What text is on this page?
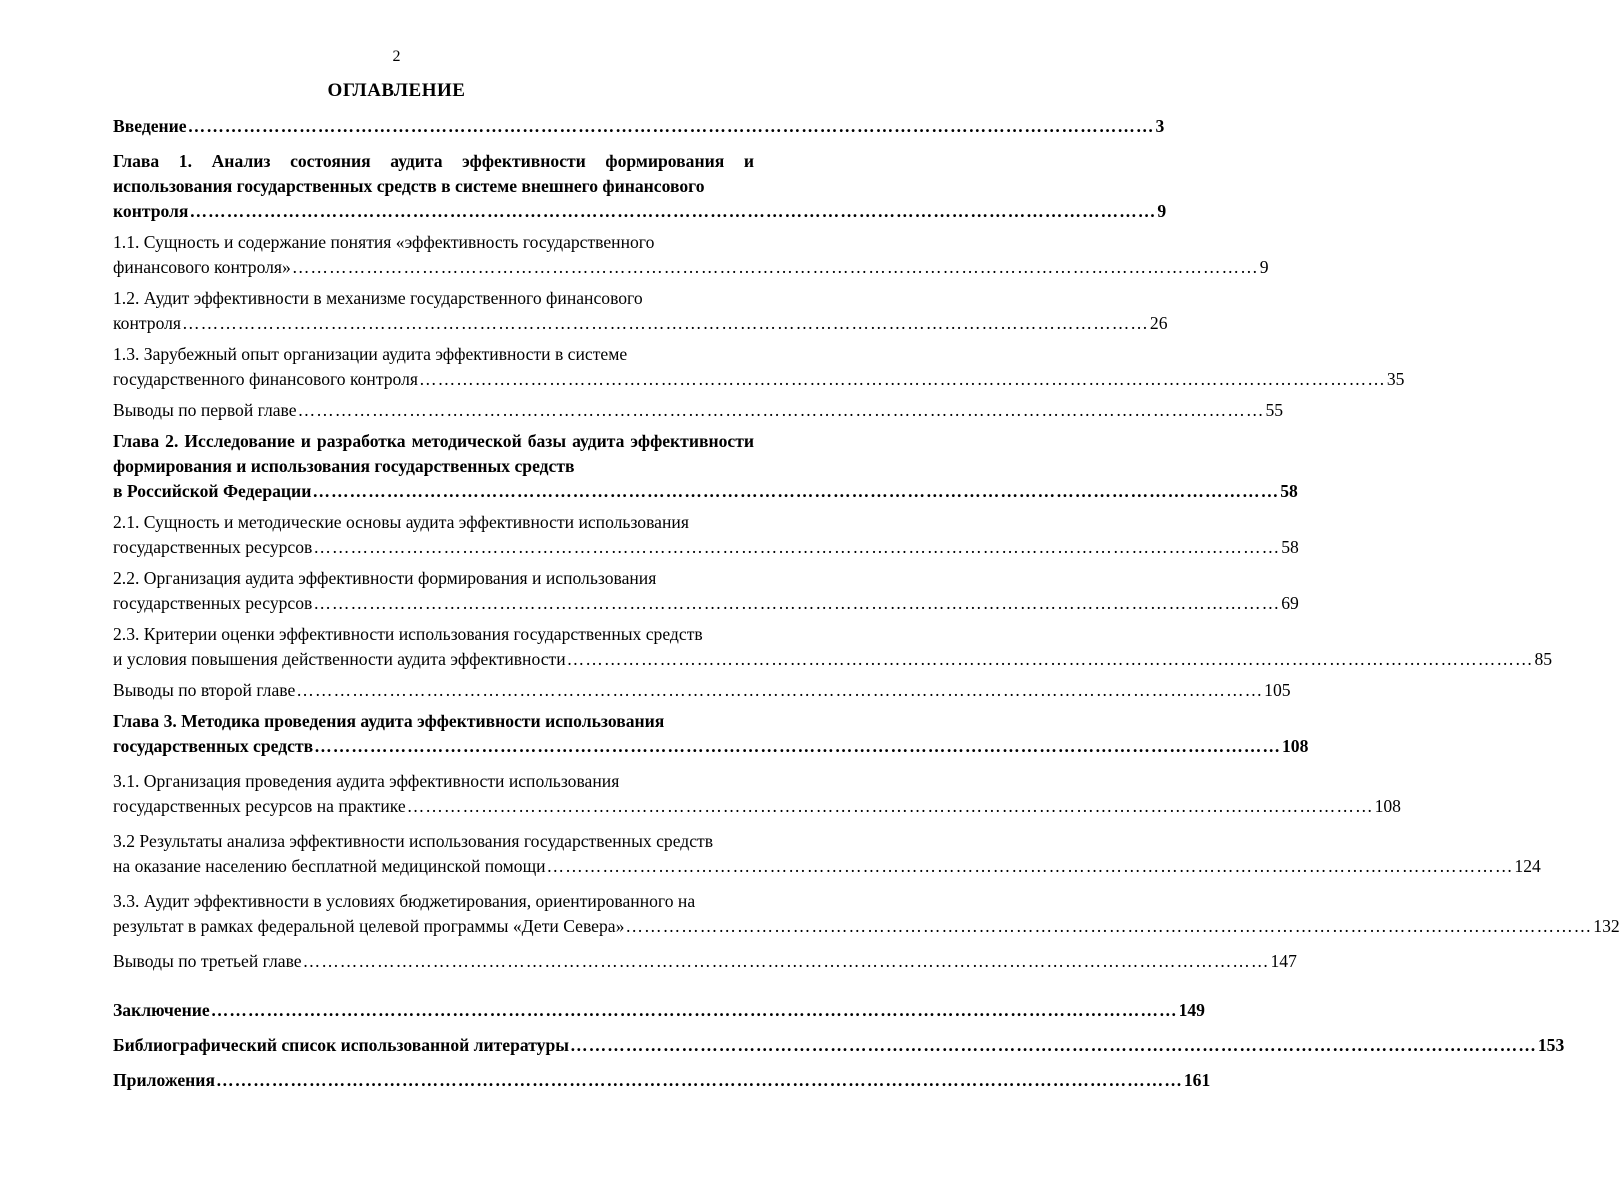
2
ОГЛАВЛЕНИЕ
Введение ………………………………………………………………………………………………………………………………………… 3
Глава 1. Анализ состояния аудита эффективности формирования и использования государственных средств в системе внешнего финансового
контроля ………………………………………………………………………………………………………………………………………… 9
1.1. Сущность и содержание понятия «эффективность государственного
финансового контроля» ………………………………………………………………………………………………………………………………………… 9
1.2. Аудит эффективности в механизме государственного финансового
контроля ………………………………………………………………………………………………………………………………………… 26
1.3. Зарубежный опыт организации аудита эффективности в системе
государственного финансового контроля ………………………………………………………………………………………………………………………………………… 35
Выводы по первой главе ………………………………………………………………………………………………………………………………………… 55
Глава 2. Исследование и разработка методической базы аудита эффективности формирования и использования государственных средств
в Российской Федерации ………………………………………………………………………………………………………………………………………… 58
2.1. Сущность и методические основы аудита эффективности использования
государственных ресурсов ………………………………………………………………………………………………………………………………………… 58
2.2. Организация аудита эффективности формирования и использования
государственных ресурсов ………………………………………………………………………………………………………………………………………… 69
2.3. Критерии оценки эффективности использования государственных средств
и условия повышения действенности аудита эффективности ………………………………………………………………………………………………………………………………………… 85
Выводы по второй главе ………………………………………………………………………………………………………………………………………… 105
Глава 3. Методика проведения аудита эффективности использования
государственных средств ………………………………………………………………………………………………………………………………………… 108
3.1. Организация проведения аудита эффективности использования
государственных ресурсов на практике ………………………………………………………………………………………………………………………………………… 108
3.2 Результаты анализа эффективности использования государственных средств
на оказание населению бесплатной медицинской помощи ………………………………………………………………………………………………………………………………………… 124
3.3. Аудит эффективности в условиях бюджетирования, ориентированного на
результат в рамках федеральной целевой программы «Дети Севера» ………………………………………………………………………………………………………………………………………… 132
Выводы по третьей главе ………………………………………………………………………………………………………………………………………… 147
Заключение ………………………………………………………………………………………………………………………………………… 149
Библиографический список использованной литературы ………………………………………………………………………………………………………………………………………… 153
Приложения ………………………………………………………………………………………………………………………………………… 161
